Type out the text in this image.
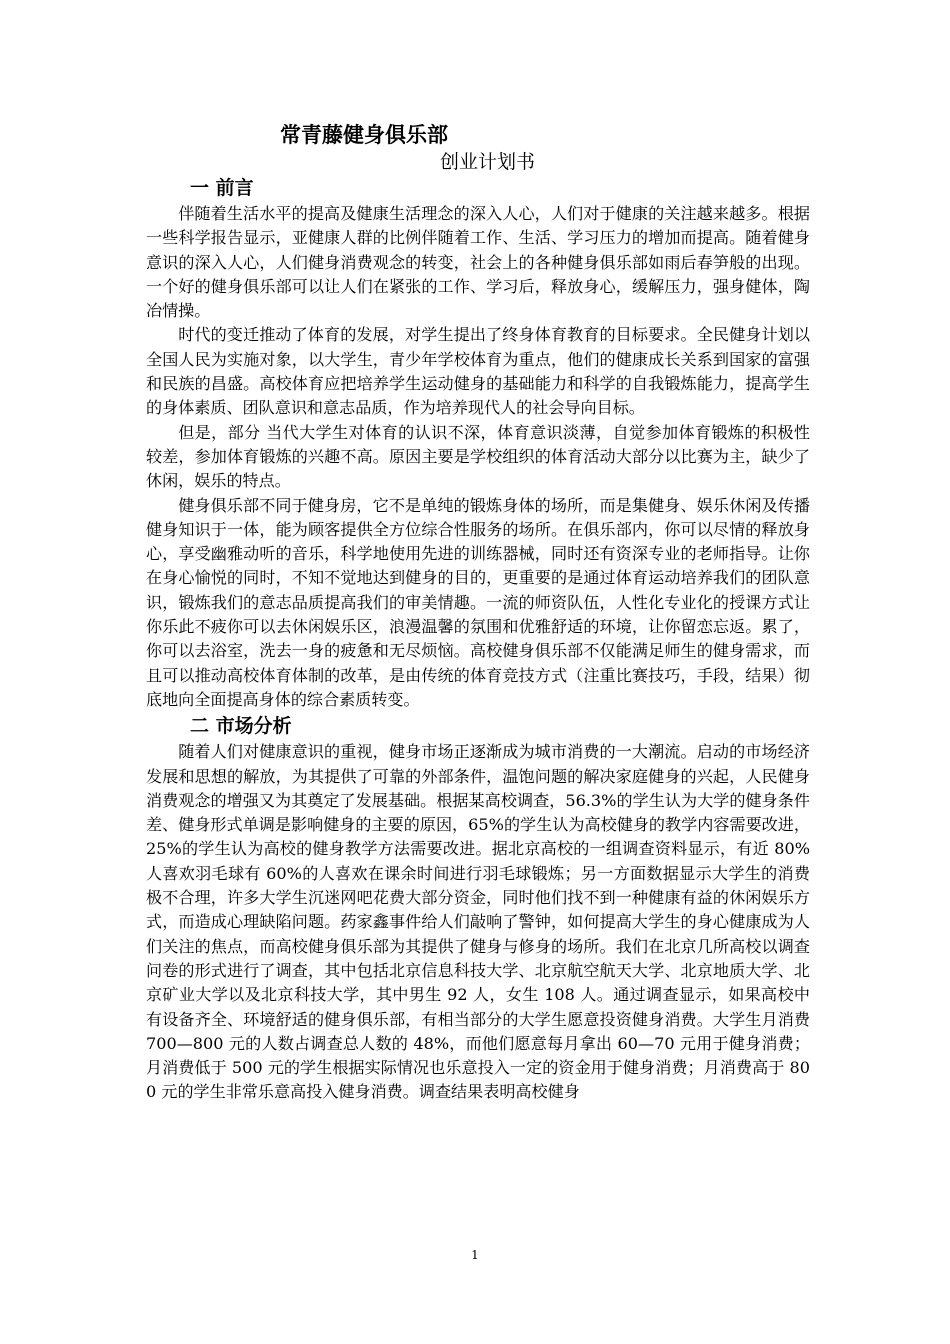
常青藤健身俱乐部
创业计划书
一 前言

伴随着生活水平的提高及健康生活理念的深入人心，人们对于健康的关注越来越多。根据一些科学报告显示，亚健康人群的比例伴随着工作、生活、学习压力的增加而提高。随着健身意识的深入人心，人们健身消费观念的转变，社会上的各种健身俱乐部如雨后春笋般的出现。一个好的健身俱乐部可以让人们在紧张的工作、学习后，释放身心，缓解压力，强身健体，陶冶情操。

时代的变迁推动了体育的发展，对学生提出了终身体育教育的目标要求。全民健身计划以全国人民为实施对象，以大学生，青少年学校体育为重点，他们的健康成长关系到国家的富强和民族的昌盛。高校体育应把培养学生运动健身的基础能力和科学的自我锻炼能力，提高学生的身体素质、团队意识和意志品质，作为培养现代人的社会导向目标。

但是，部分 当代大学生对体育的认识不深，体育意识淡薄，自觉参加体育锻炼的积极性较差，参加体育锻炼的兴趣不高。原因主要是学校组织的体育活动大部分以比赛为主，缺少了休闲，娱乐的特点。

健身俱乐部不同于健身房，它不是单纯的锻炼身体的场所，而是集健身、娱乐休闲及传播健身知识于一体，能为顾客提供全方位综合性服务的场所。在俱乐部内，你可以尽情的释放身心，享受幽雅动听的音乐，科学地使用先进的训练器械，同时还有资深专业的老师指导。让你在身心愉悦的同时，不知不觉地达到健身的目的，更重要的是通过体育运动培养我们的团队意识，锻炼我们的意志品质提高我们的审美情趣。一流的师资队伍，人性化专业化的授课方式让你乐此不疲你可以去休闲娱乐区，浪漫温馨的氛围和优雅舒适的环境，让你留恋忘返。累了，你可以去浴室，洗去一身的疲惫和无尽烦恼。高校健身俱乐部不仅能满足师生的健身需求，而且可以推动高校体育体制的改革，是由传统的体育竞技方式（注重比赛技巧，手段，结果）彻底地向全面提高身体的综合素质转变。

二 市场分析

随着人们对健康意识的重视，健身市场正逐渐成为城市消费的一大潮流。启动的市场经济发展和思想的解放，为其提供了可靠的外部条件，温饱问题的解决家庭健身的兴起，人民健身消费观念的增强又为其奠定了发展基础。根据某高校调查，56.3%的学生认为大学的健身条件差、健身形式单调是影响健身的主要的原因，65%的学生认为高校健身的教学内容需要改进，25%的学生认为高校的健身教学方法需要改进。据北京高校的一组调查资料显示，有近 80%人喜欢羽毛球有 60%的人喜欢在课余时间进行羽毛球锻炼；另一方面数据显示大学生的消费极不合理，许多大学生沉迷网吧花费大部分资金，同时他们找不到一种健康有益的休闲娱乐方式，而造成心理缺陷问题。药家鑫事件给人们敲响了警钟，如何提高大学生的身心健康成为人们关注的焦点，而高校健身俱乐部为其提供了健身与修身的场所。我们在北京几所高校以调查问卷的形式进行了调查，其中包括北京信息科技大学、北京航空航天大学、北京地质大学、北京矿业大学以及北京科技大学，其中男生 92 人，女生 108 人。通过调查显示，如果高校中有设备齐全、环境舒适的健身俱乐部，有相当部分的大学生愿意投资健身消费。大学生月消费 700—800 元的人数占调查总人数的 48%，而他们愿意每月拿出 60—70 元用于健身消费；月消费低于 500 元的学生根据实际情况也乐意投入一定的资金用于健身消费；月消费高于 800 元的学生非常乐意高投入健身消费。调查结果表明高校健身

1
